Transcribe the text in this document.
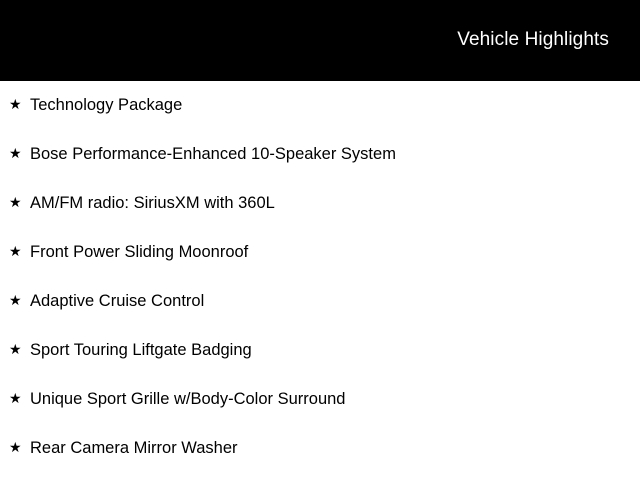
Vehicle Highlights
★ Technology Package
★ Bose Performance-Enhanced 10-Speaker System
★ AM/FM radio: SiriusXM with 360L
★ Front Power Sliding Moonroof
★ Adaptive Cruise Control
★ Sport Touring Liftgate Badging
★ Unique Sport Grille w/Body-Color Surround
★ Rear Camera Mirror Washer
